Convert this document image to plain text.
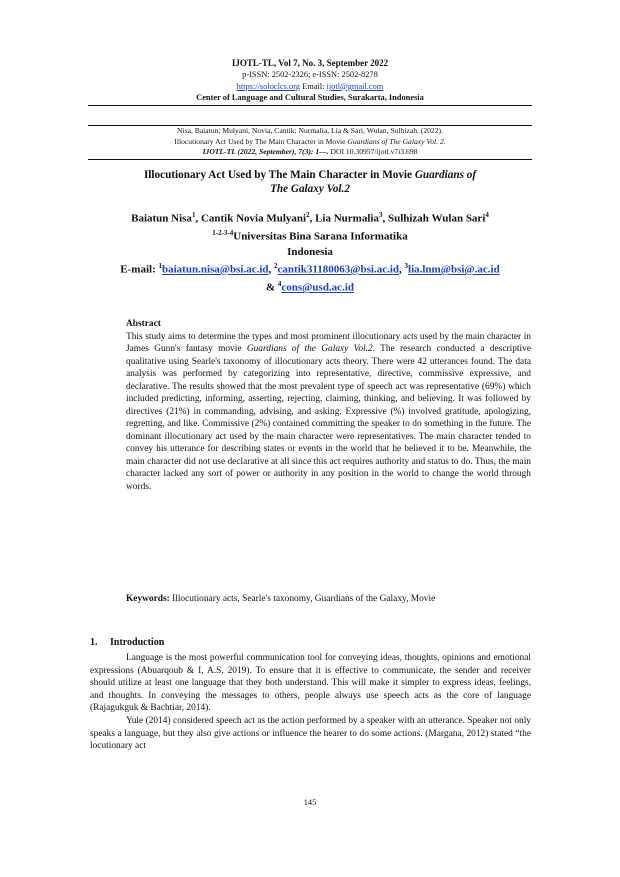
IJOTL-TL, Vol 7, No. 3, September 2022
p-ISSN: 2502-2326; e-ISSN: 2502-8278
https://soloclcs.org Email: ijotl@gmail.com
Center of Language and Cultural Studies, Surakarta, Indonesia
Nisa, Baiatun; Mulyani, Novia, Cantik; Nurmalia, Lia & Sari, Wulan, Sulhizah. (2022).
Illocutionary Act Used by The Main Character in Movie Guardians of The Galaxy Vol. 2.
IJOTL-TL (2022, September), 7(3): 1—. DOI 10.30957/ijotl.v7i3.698
Illocutionary Act Used by The Main Character in Movie Guardians of
The Galaxy Vol.2
Baiatun Nisa$^1$, Cantik Novia Mulyani$^2$, Lia Nurmalia$^3$, Sulhizah Wulan Sari$^4$
$^{1-2-3-4}$Universitas Bina Sarana Informatika
Indonesia
E-mail: $^1$baiatun.nisa@bsi.ac.id, $^2$cantik31180063@bsi.ac.id, $^3$lia.lnm@bsi@.ac.id
& $^4$cons@usd.ac.id
Abstract
This study aims to determine the types and most prominent illocutionary acts used by the main character in James Gunn's fantasy movie Guardians of the Galaxy Vol.2. The research conducted a descriptive qualitative using Searle's taxonomy of illocutionary acts theory. There were 42 utterances found. The data analysis was performed by categorizing into representative, directive, commissive expressive, and declarative. The results showed that the most prevalent type of speech act was representative (69%) which included predicting, informing, asserting, rejecting, claiming, thinking, and believing. It was followed by directives (21%) in commanding, advising, and asking. Expressive (%) involved gratitude, apologizing, regretting, and like. Commissive (2%) contained committing the speaker to do something in the future. The dominant illocutionary act used by the main character were representatives. The main character tended to convey his utterance for describing states or events in the world that he believed it to be. Meanwhile, the main character did not use declarative at all since this act requires authority and status to do. Thus, the main character lacked any sort of power or authority in any position in the world to change the world through words.
Keywords: Illocutionary acts, Searle's taxonomy, Guardians of the Galaxy, Movie
1. Introduction

Language is the most powerful communication tool for conveying ideas, thoughts, opinions and emotional expressions (Abuarqoub & I, A.S, 2019). To ensure that it is effective to communicate, the sender and receiver should utilize at least one language that they both understand. This will make it simpler to express ideas, feelings, and thoughts. In conveying the messages to others, people always use speech acts as the core of language (Rajagukguk & Bachtiar, 2014).

Yule (2014) considered speech act as the action performed by a speaker with an utterance. Speaker not only speaks a language, but they also give actions or influence the hearer to do some actions. (Margana, 2012) stated “the locutionary act

145
